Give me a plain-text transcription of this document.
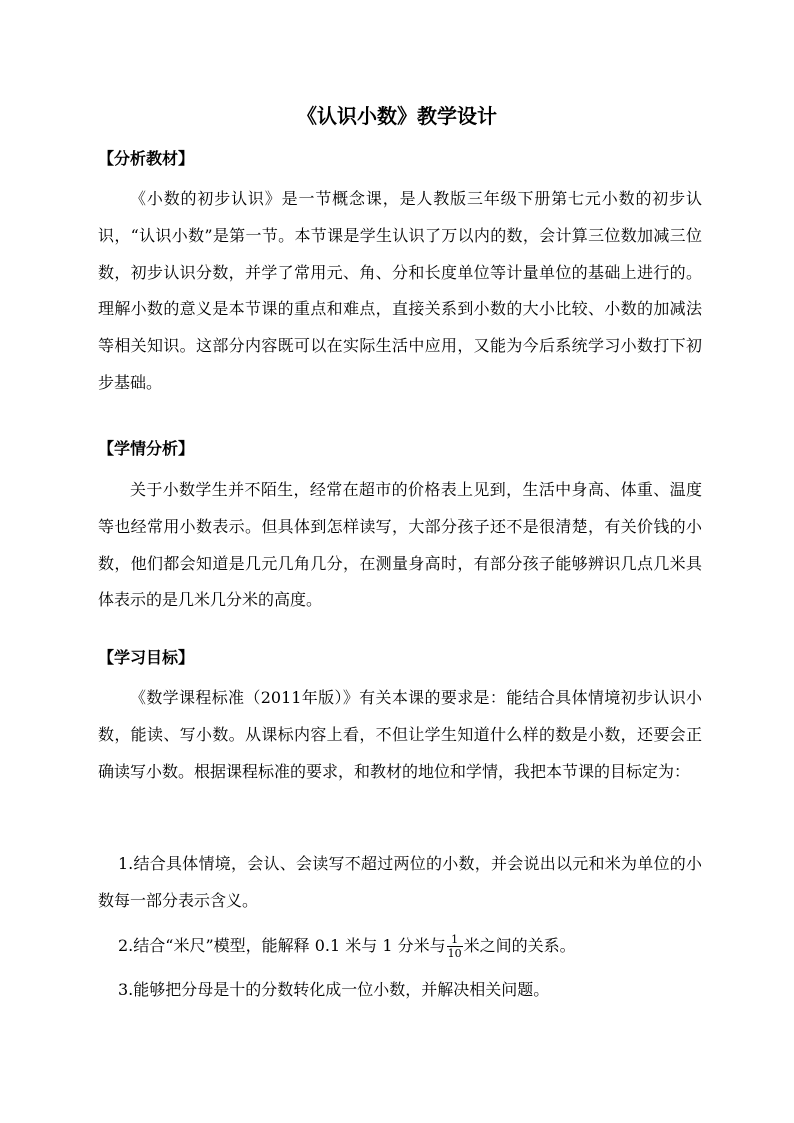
《认识小数》教学设计
【分析教材】

《小数的初步认识》是一节概念课，是人教版三年级下册第七元小数的初步认识，“认识小数”是第一节。本节课是学生认识了万以内的数，会计算三位数加减三位数，初步认识分数，并学了常用元、角、分和长度单位等计量单位的基础上进行的。理解小数的意义是本节课的重点和难点，直接关系到小数的大小比较、小数的加减法等相关知识。这部分内容既可以在实际生活中应用，又能为今后系统学习小数打下初步基础。

【学情分析】

关于小数学生并不陌生，经常在超市的价格表上见到，生活中身高、体重、温度等也经常用小数表示。但具体到怎样读写，大部分孩子还不是很清楚，有关价钱的小数，他们都会知道是几元几角几分，在测量身高时，有部分孩子能够辨识几点几米具体表示的是几米几分米的高度。

【学习目标】

《数学课程标准（2011年版）》有关本课的要求是：能结合具体情境初步认识小数，能读、写小数。从课标内容上看，不但让学生知道什么样的数是小数，还要会正确读写小数。根据课程标准的要求，和教材的地位和学情，我把本节课的目标定为：

1.结合具体情境，会认、会读写不超过两位的小数，并会说出以元和米为单位的小数每一部分表示含义。

2.结合“米尺”模型，能解释 0.1 米与 1 分米与 $\frac{1}{10}$ 米之间的关系。

3.能够把分母是十的分数转化成一位小数，并解决相关问题。
